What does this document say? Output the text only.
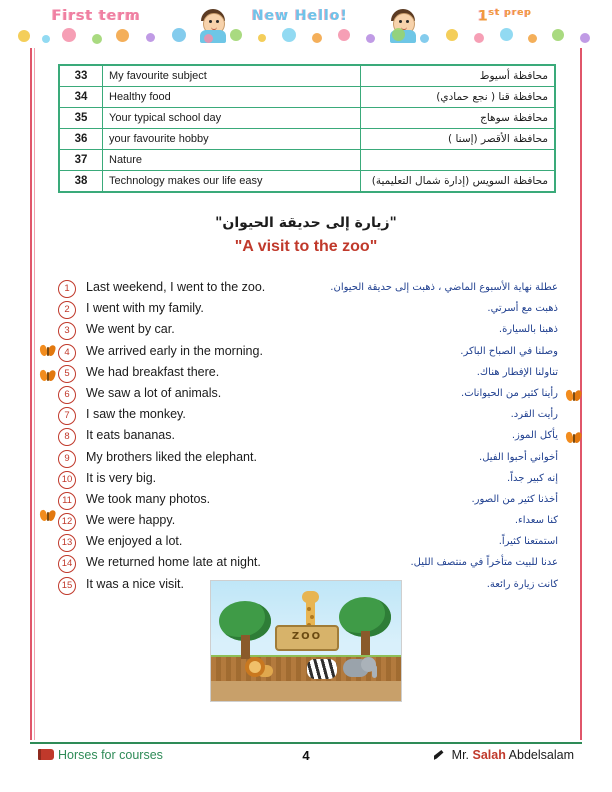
First term	New Hello!	$1^{st prep}$
33	My favourite subject	محافظة أسيوط
34	Healthy food	محافظة قنا ( نجع حمادي)
35	Your typical school day	محافظة سوهاج
36	your favourite hobby	محافظة الأقصر (إسنا )
37	Nature	
38	Technology makes our life easy	محافظة السويس (إدارة شمال التعليمية)
"زيارة إلى حديقة الحيوان"
"A visit to the zoo"
1	Last weekend, I went to the zoo.	عطلة نهاية الأسبوع الماضي ، ذهبت إلى حديقة الحيوان.
2	I went with my family.	ذهبت مع أسرتي.
3	We went by car.	ذهبنا بالسيارة.
4	We arrived early in the morning.	وصلنا في الصباح الباكر.
5	We had breakfast there.	تناولنا الإفطار هناك.
6	We saw a lot of animals.	رأينا كثير من الحيوانات.
7	I saw the monkey.	رأيت القرد.
8	It eats bananas.	يأكل الموز.
9	My brothers liked the elephant.	أخواني أحبوا الفيل.
10 It is very big.	إنه كبير جداً.
11	We took many photos.	أخذنا كثير من الصور.
12 We were happy.	كنا سعداء.
13 We enjoyed a lot.	استمتعنا كثيراً.
14 We returned home late at night.	عدنا للبيت متأخراً في منتصف الليل.
15 It was a nice visit.	كانت زيارة رائعة.
ZOO
Horses for courses	4	Mr. Salah Abdelsalam
